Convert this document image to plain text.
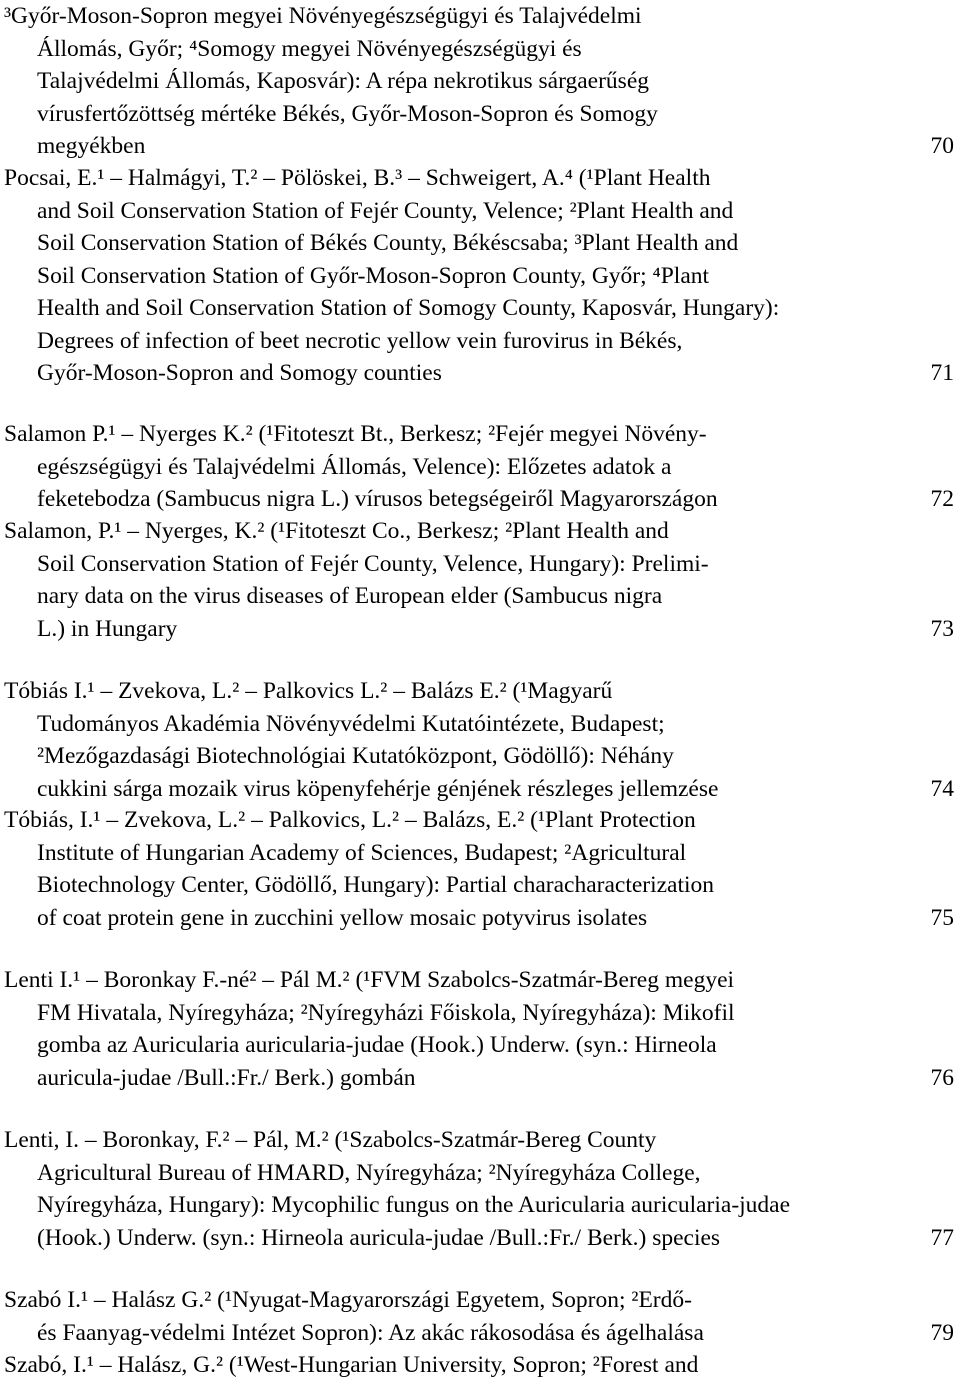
³Győr-Moson-Sopron megyei Növényegészségügyi és Talajvédelmi
Állomás, Győr; ⁴Somogy megyei Növényegészségügyi és
Talajvédelmi Állomás, Kaposvár): A répa nekrotikus sárgaerűség
vírusfertőzöttség mértéke Békés, Győr-Moson-Sopron és Somogy
megyékben	70
Pocsai, E.¹ – Halmágyi, T.² – Pölöskei, B.³ – Schweigert, A.⁴ (¹Plant Health
and Soil Conservation Station of Fejér County, Velence; ²Plant Health and
Soil Conservation Station of Békés County, Békéscsaba; ³Plant Health and
Soil Conservation Station of Győr-Moson-Sopron County, Győr; ⁴Plant
Health and Soil Conservation Station of Somogy County, Kaposvár, Hungary):
Degrees of infection of beet necrotic yellow vein furovirus in Békés,
Győr-Moson-Sopron and Somogy counties	71
Salamon P.¹ – Nyerges K.² (¹Fitoteszt Bt., Berkesz; ²Fejér megyei Növény-
egészségügyi és Talajvédelmi Állomás, Velence): Előzetes adatok a
feketebodza (Sambucus nigra L.) vírusos betegségeiről Magyarországon	72
Salamon, P.¹ – Nyerges, K.² (¹Fitoteszt Co., Berkesz; ²Plant Health and
Soil Conservation Station of Fejér County, Velence, Hungary): Prelimi-
nary data on the virus diseases of European elder (Sambucus nigra
L.) in Hungary	73
Tóbiás I.¹ – Zvekova, L.² – Palkovics L.² – Balázs E.² (¹Magyarű
Tudományos Akadémia Növényvédelmi Kutatóintézete, Budapest;
²Mezőgazdasági Biotechnológiai Kutatóközpont, Gödöllő): Néhány
cukkini sárga mozaik virus köpenyfehérje génjének részleges jellemzése	74
Tóbiás, I.¹ – Zvekova, L.² – Palkovics, L.² – Balázs, E.² (¹Plant Protection
Institute of Hungarian Academy of Sciences, Budapest; ²Agricultural
Biotechnology Center, Gödöllő, Hungary): Partial characharacterization
of coat protein gene in zucchini yellow mosaic potyvirus isolates	75
Lenti I.¹ – Boronkay F.-né² – Pál M.² (¹FVM Szabolcs-Szatmár-Bereg megyei
FM Hivatala, Nyíregyháza; ²Nyíregyházi Főiskola, Nyíregyháza): Mikofil
gomba az Auricularia auricularia-judae (Hook.) Underw. (syn.: Hirneola
auricula-judae /Bull.:Fr./ Berk.) gombán	76
Lenti, I. – Boronkay, F.² – Pál, M.² (¹Szabolcs-Szatmár-Bereg County
Agricultural Bureau of HMARD, Nyíregyháza; ²Nyíregyháza College,
Nyíregyháza, Hungary): Mycophilic fungus on the Auricularia auricularia-judae
(Hook.) Underw. (syn.: Hirneola auricula-judae /Bull.:Fr./ Berk.) species	77
Szabó I.¹ – Halász G.² (¹Nyugat-Magyarországi Egyetem, Sopron; ²Erdő-
és Faanyag-védelmi Intézet Sopron): Az akác rákosodása és ágelhalása	79
Szabó, I.¹ – Halász, G.² (¹West-Hungarian University, Sopron; ²Forest and
